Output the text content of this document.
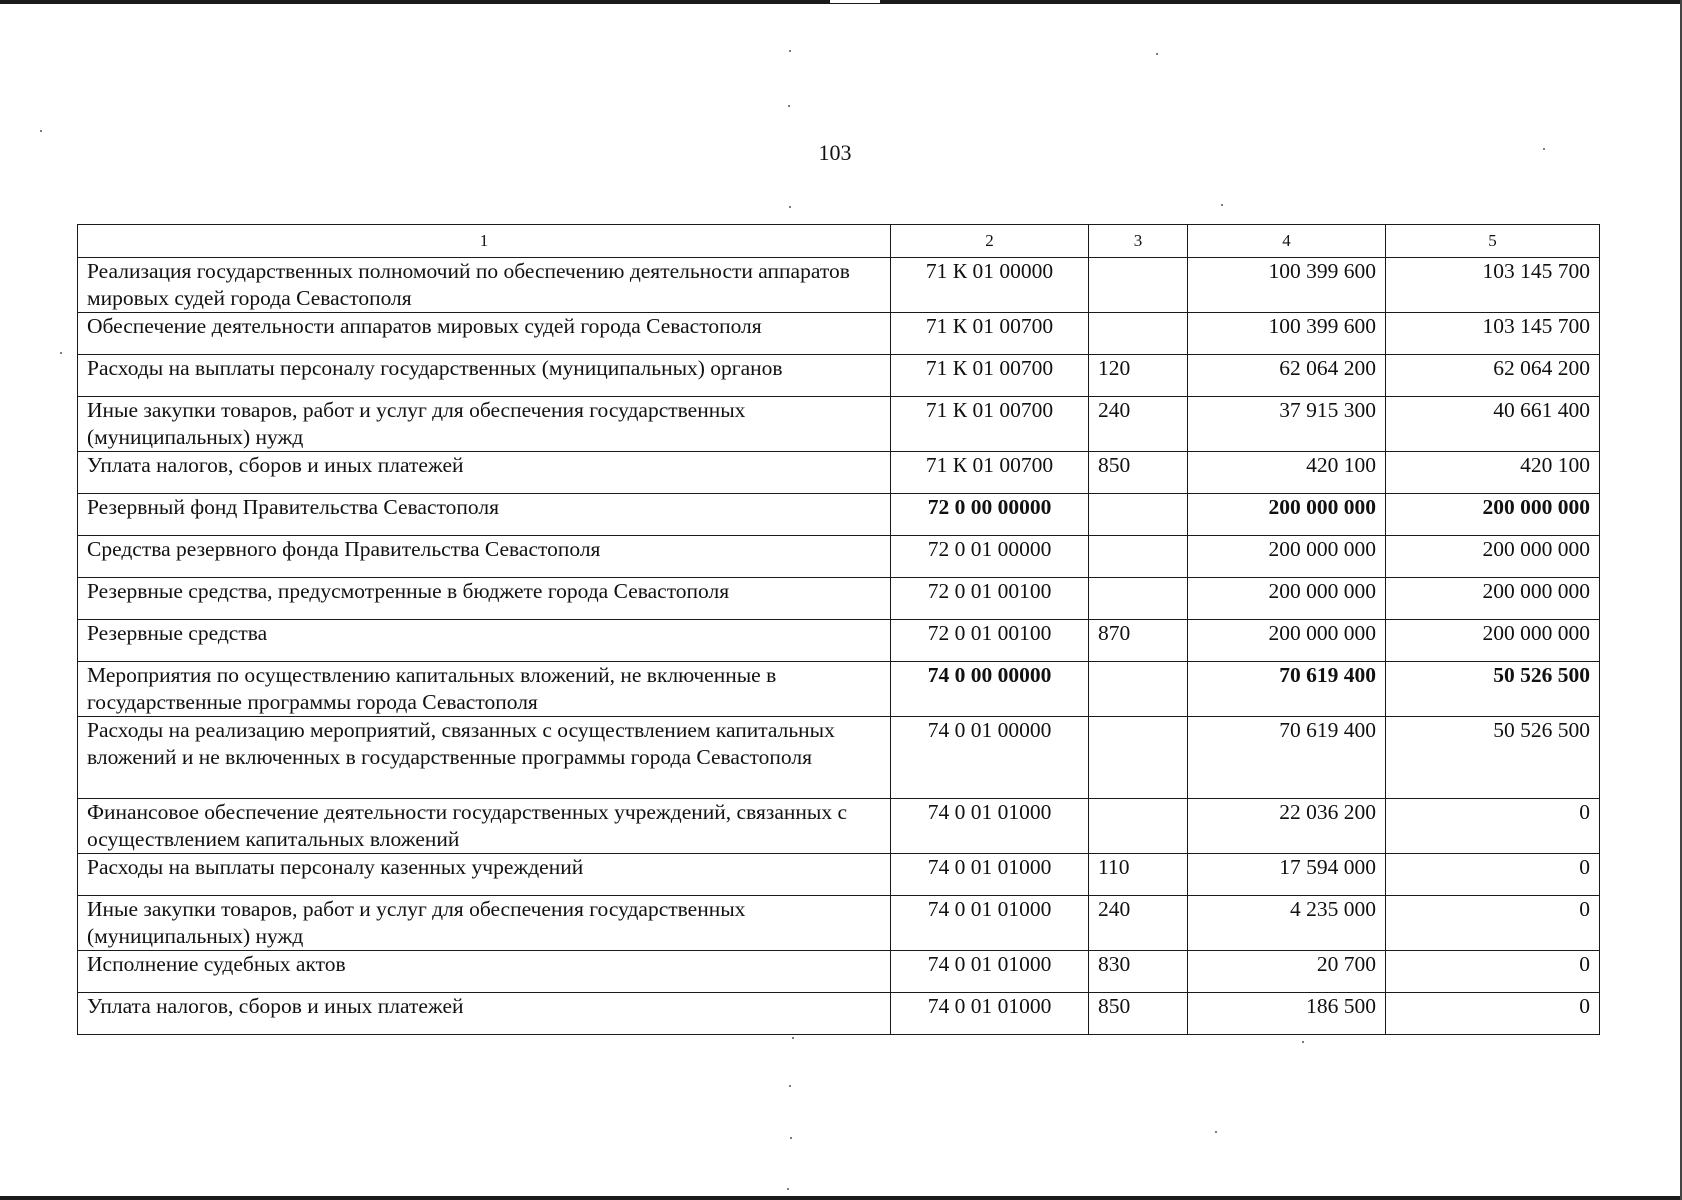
103
1	2	3	4	5
Реализация государственных полномочий по обеспечению деятельности аппаратов мировых судей города Севастополя	71 К 01 00000		100 399 600	103 145 700
Обеспечение деятельности аппаратов мировых судей города Севастополя	71 К 01 00700		100 399 600	103 145 700
Расходы на выплаты персоналу государственных (муниципальных) органов	71 К 01 00700	120	62 064 200	62 064 200
Иные закупки товаров, работ и услуг для обеспечения государственных (муниципальных) нужд	71 К 01 00700	240	37 915 300	40 661 400
Уплата налогов, сборов и иных платежей	71 К 01 00700	850	420 100	420 100
Резервный фонд Правительства Севастополя	72 0 00 00000		200 000 000	200 000 000
Средства резервного фонда Правительства Севастополя	72 0 01 00000		200 000 000	200 000 000
Резервные средства, предусмотренные в бюджете города Севастополя	72 0 01 00100		200 000 000	200 000 000
Резервные средства	72 0 01 00100	870	200 000 000	200 000 000
Мероприятия по осуществлению капитальных вложений, не включенные в государственные программы города Севастополя	74 0 00 00000		70 619 400	50 526 500
Расходы на реализацию мероприятий, связанных с осуществлением капитальных вложений и не включенных в государственные программы города Севастополя	74 0 01 00000		70 619 400	50 526 500
Финансовое обеспечение деятельности государственных учреждений, связанных с осуществлением капитальных вложений	74 0 01 01000		22 036 200	0
Расходы на выплаты персоналу казенных учреждений	74 0 01 01000	110	17 594 000	0
Иные закупки товаров, работ и услуг для обеспечения государственных (муниципальных) нужд	74 0 01 01000	240	4 235 000	0
Исполнение судебных актов	74 0 01 01000	830	20 700	0
Уплата налогов, сборов и иных платежей	74 0 01 01000	850	186 500	0
